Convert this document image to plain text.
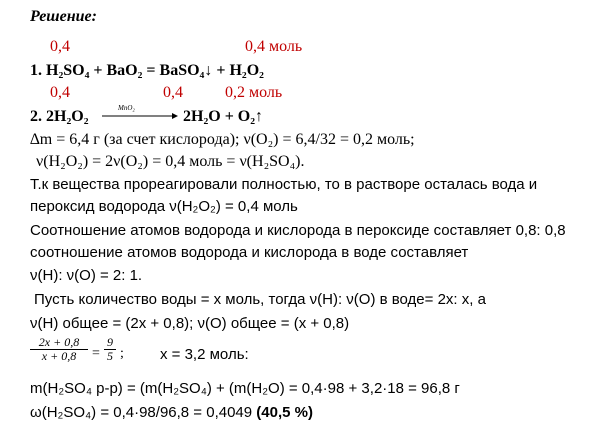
Решение:
0,4	0,4 моль
1. H₂SO₄ + BaO₂ = BaSO₄↓ + H₂O₂
0,4	0,4	0,2 моль
2. 2H₂O₂	MnO₂	2H₂O + O₂↑
∆m = 6,4 г (за счет кислорода); ν(O₂) = 6,4/32 = 0,2 моль;
ν(H₂O₂) = 2ν(O₂) = 0,4 моль = ν(H₂SO₄).
Т.к вещества прореагировали полностью, то в растворе осталась вода и
пероксид водорода ν(H₂O₂) = 0,4 моль
Соотношение атомов водорода и кислорода в пероксиде составляет 0,8: 0,8
соотношение атомов водорода и кислорода в воде составляет
ν(H): ν(O) = 2: 1.
Пусть количество воды = x моль, тогда ν(H): ν(O) в воде= 2x: x, а
ν(H) общее = (2x + 0,8); ν(O) общее = (x + 0,8)
$\frac{2x + 0,8}{x + 0,8} = \frac{9}{5}$ ; x = 3,2 моль:
m(H₂SO₄ р-р) = (m(H₂SO₄) + (m(H₂O) = 0,4·98 + 3,2·18 = 96,8 г
ω(H₂SO₄) = 0,4·98/96,8 = 0,4049 (40,5 %)
